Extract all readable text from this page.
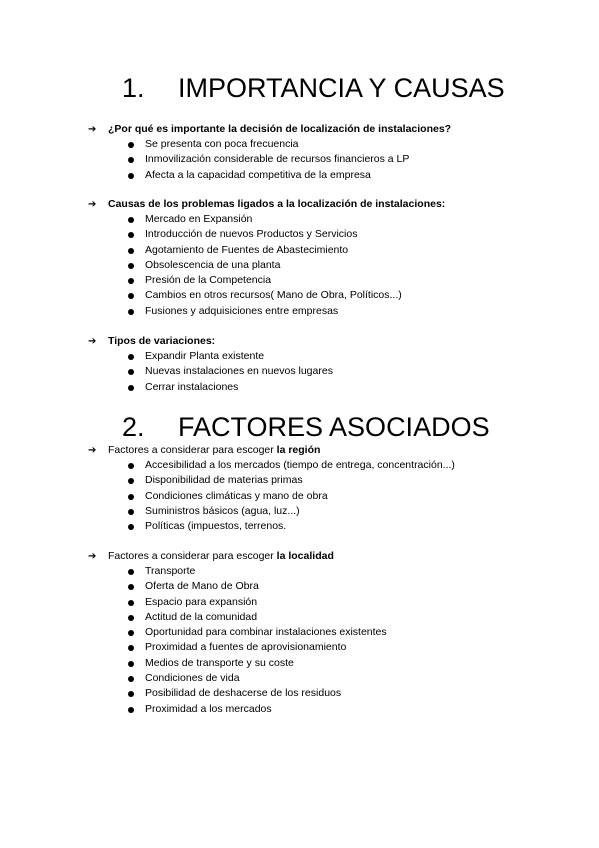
1. IMPORTANCIA Y CAUSAS
➔ ¿Por qué es importante la decisión de localización de instalaciones?
Se presenta con poca frecuencia
Inmovilización considerable de recursos financieros a LP
Afecta a la capacidad competitiva de la empresa
➔ Causas de los problemas ligados a la localización de instalaciones:
Mercado en Expansión
Introducción de nuevos Productos y Servicios
Agotamiento de Fuentes de Abastecimiento
Obsolescencia de una planta
Presión de la Competencia
Cambios en otros recursos( Mano de Obra, Políticos...)
Fusiones y adquisiciones entre empresas
➔ Tipos de variaciones:
Expandir Planta existente
Nuevas instalaciones en nuevos lugares
Cerrar instalaciones
2. FACTORES ASOCIADOS
➔ Factores a considerar para escoger la región
Accesibilidad a los mercados (tiempo de entrega, concentración...)
Disponibilidad de materias primas
Condiciones climáticas y mano de obra
Suministros básicos (agua, luz...)
Políticas (impuestos, terrenos.
➔ Factores a considerar para escoger la localidad
Transporte
Oferta de Mano de Obra
Espacio para expansión
Actitud de la comunidad
Oportunidad para combinar instalaciones existentes
Proximidad a fuentes de aprovisionamiento
Medios de transporte y su coste
Condiciones de vida
Posibilidad de deshacerse de los residuos
Proximidad a los mercados
